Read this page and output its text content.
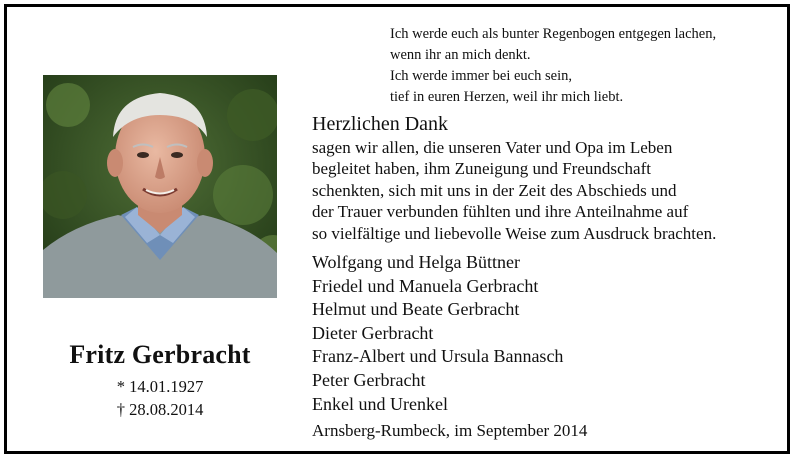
Ich werde euch als bunter Regenbogen entgegen lachen,
wenn ihr an mich denkt.
Ich werde immer bei euch sein,
tief in euren Herzen, weil ihr mich liebt.
Fritz Gerbracht
* 14.01.1927
† 28.08.2014
Herzlichen Dank
sagen wir allen, die unseren Vater und Opa im Leben
begleitet haben, ihm Zuneigung und Freundschaft
schenkten, sich mit uns in der Zeit des Abschieds und
der Trauer verbunden fühlten und ihre Anteilnahme auf
so vielfältige und liebevolle Weise zum Ausdruck brachten.
Wolfgang und Helga Büttner
Friedel und Manuela Gerbracht
Helmut und Beate Gerbracht
Dieter Gerbracht
Franz-Albert und Ursula Bannasch
Peter Gerbracht
Enkel und Urenkel
Arnsberg-Rumbeck, im September 2014
